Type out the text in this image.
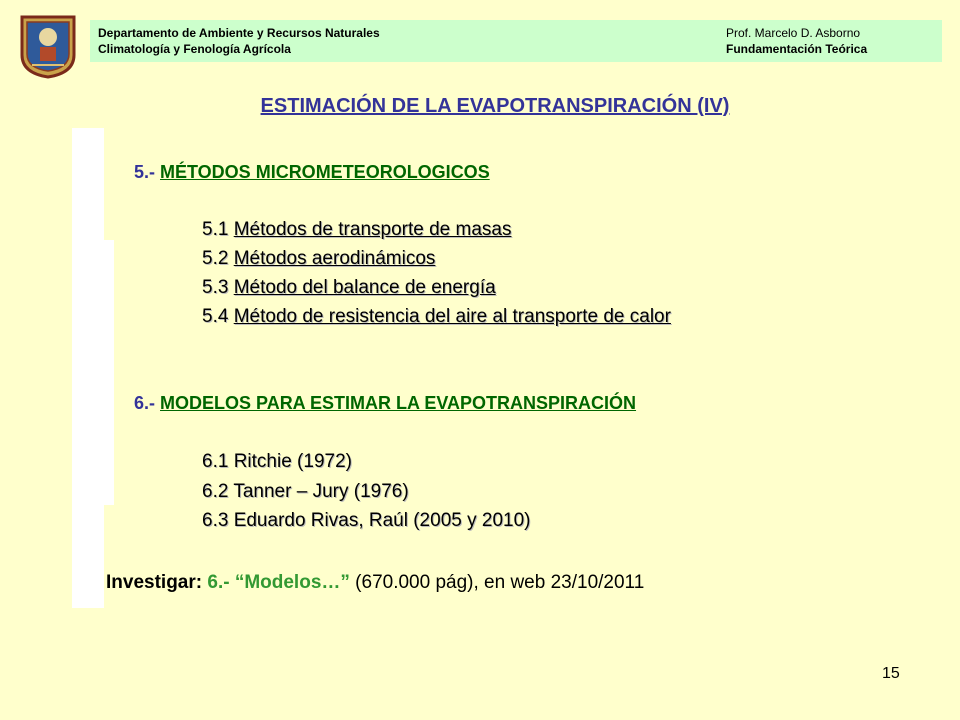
Departamento de Ambiente y Recursos Naturales
Climatología y Fenología Agrícola
Prof. Marcelo D. Asborno
Fundamentación Teórica
ESTIMACIÓN DE LA EVAPOTRANSPIRACIÓN (IV)
5.- MÉTODOS MICROMETEOROLOGICOS
5.1 Métodos de transporte de masas
5.2 Métodos aerodinámicos
5.3 Método del balance de energía
5.4 Método de resistencia del aire al transporte de calor
6.- MODELOS PARA ESTIMAR LA EVAPOTRANSPIRACIÓN
6.1 Ritchie (1972)
6.2 Tanner – Jury (1976)
6.3 Eduardo Rivas, Raúl (2005 y 2010)
Investigar: 6.- “Modelos…” (670.000 pág), en web 23/10/2011
15
